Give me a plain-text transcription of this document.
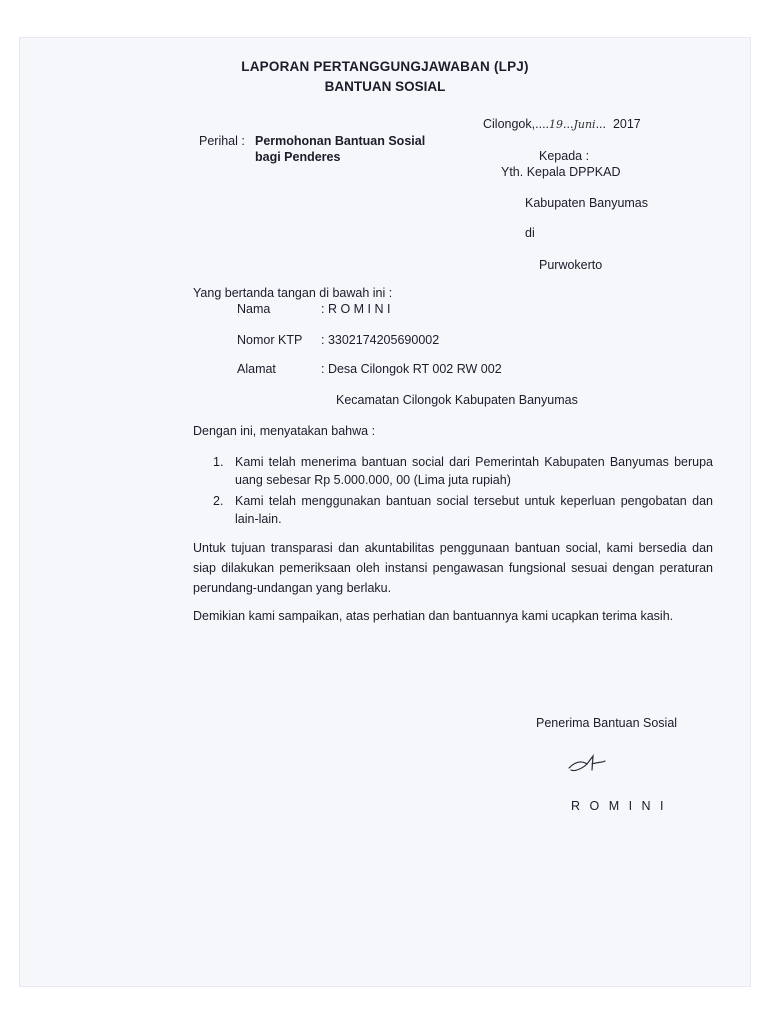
LAPORAN PERTANGGUNGJAWABAN (LPJ)
BANTUAN SOSIAL
Cilongok,....19...Juni...  2017
Perihal : Permohonan Bantuan Sosial
bagi Penderes	Kepada :
Yth. Kepala DPPKAD
Kabupaten Banyumas
di
Purwokerto
Yang bertanda tangan di bawah ini :
Nama	: R O M I N I
Nomor KTP : 3302174205690002
Alamat	: Desa Cilongok RT 002 RW 002
Kecamatan Cilongok Kabupaten Banyumas
Dengan ini, menyatakan bahwa :
1. Kami telah menerima bantuan social dari Pemerintah Kabupaten Banyumas berupa uang sebesar Rp 5.000.000, 00 (Lima juta rupiah)
2. Kami telah menggunakan bantuan social tersebut untuk keperluan pengobatan dan lain-lain.
Untuk tujuan transparasi dan akuntabilitas penggunaan bantuan social, kami bersedia dan siap dilakukan pemeriksaan oleh instansi pengawasan fungsional sesuai dengan peraturan perundang-undangan yang berlaku.
Demikian kami sampaikan, atas perhatian dan bantuannya kami ucapkan terima kasih.
Penerima Bantuan Sosial
R O M I N I
